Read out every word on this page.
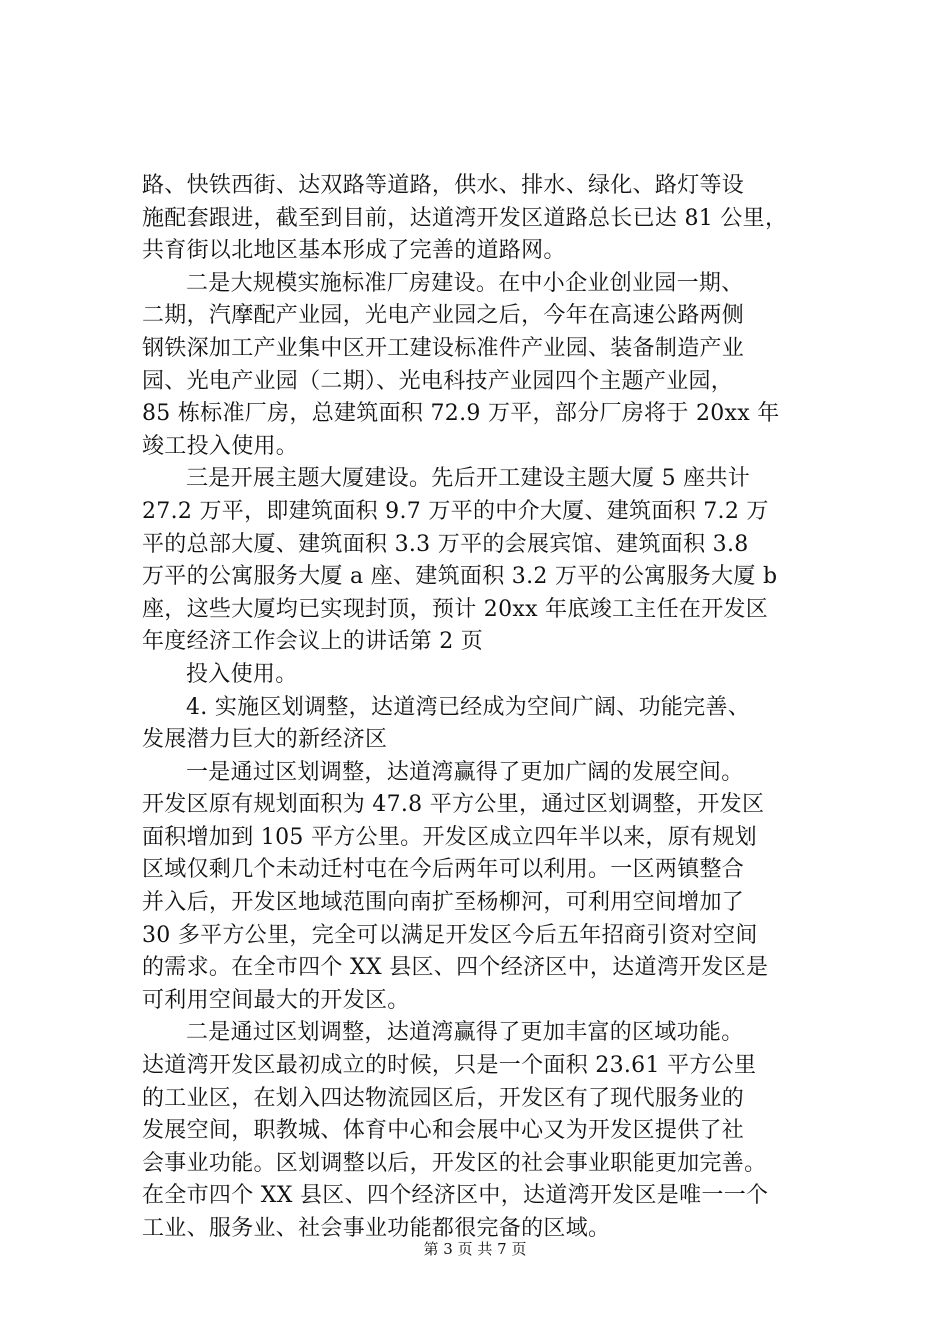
路、快铁西街、达双路等道路，供水、排水、绿化、路灯等设
施配套跟进，截至到目前，达道湾开发区道路总长已达 81 公里，
共育街以北地区基本形成了完善的道路网。
二是大规模实施标准厂房建设。在中小企业创业园一期、
二期，汽摩配产业园，光电产业园之后，今年在高速公路两侧
钢铁深加工产业集中区开工建设标准件产业园、装备制造产业
园、光电产业园（二期）、光电科技产业园四个主题产业园，
85 栋标准厂房，总建筑面积 72.9 万平，部分厂房将于 20xx 年
竣工投入使用。
三是开展主题大厦建设。先后开工建设主题大厦 5 座共计
27.2 万平，即建筑面积 9.7 万平的中介大厦、建筑面积 7.2 万
平的总部大厦、建筑面积 3.3 万平的会展宾馆、建筑面积 3.8
万平的公寓服务大厦 a 座、建筑面积 3.2 万平的公寓服务大厦 b
座，这些大厦均已实现封顶，预计 20xx 年底竣工主任在开发区
年度经济工作会议上的讲话第 2 页
投入使用。
4. 实施区划调整，达道湾已经成为空间广阔、功能完善、
发展潜力巨大的新经济区
一是通过区划调整，达道湾赢得了更加广阔的发展空间。
开发区原有规划面积为 47.8 平方公里，通过区划调整，开发区
面积增加到 105 平方公里。开发区成立四年半以来，原有规划
区域仅剩几个未动迁村屯在今后两年可以利用。一区两镇整合
并入后，开发区地域范围向南扩至杨柳河，可利用空间增加了
30 多平方公里，完全可以满足开发区今后五年招商引资对空间
的需求。在全市四个 XX 县区、四个经济区中，达道湾开发区是
可利用空间最大的开发区。
二是通过区划调整，达道湾赢得了更加丰富的区域功能。
达道湾开发区最初成立的时候，只是一个面积 23.61 平方公里
的工业区，在划入四达物流园区后，开发区有了现代服务业的
发展空间，职教城、体育中心和会展中心又为开发区提供了社
会事业功能。区划调整以后，开发区的社会事业职能更加完善。
在全市四个 XX 县区、四个经济区中，达道湾开发区是唯一一个
工业、服务业、社会事业功能都很完备的区域。
第 3 页 共 7 页
